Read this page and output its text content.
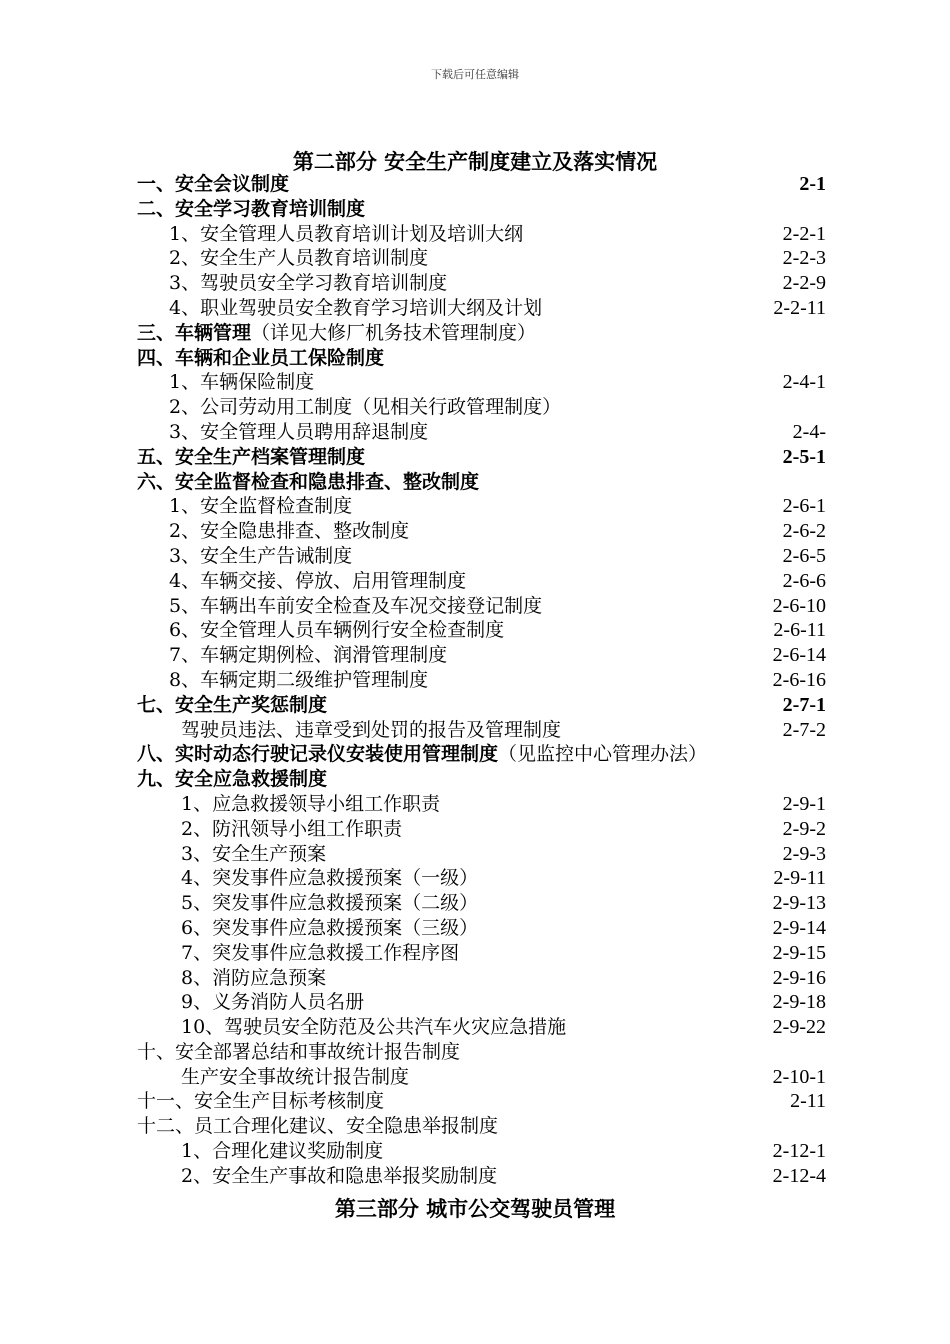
下载后可任意编辑
第二部分 安全生产制度建立及落实情况
一、安全会议制度	2-1
二、安全学习教育培训制度
1、安全管理人员教育培训计划及培训大纲	2-2-1
2、安全生产人员教育培训制度	2-2-3
3、驾驶员安全学习教育培训制度	2-2-9
4、职业驾驶员安全教育学习培训大纲及计划	2-2-11
三、车辆管理（详见大修厂机务技术管理制度）
四、车辆和企业员工保险制度
1、车辆保险制度	2-4-1
2、公司劳动用工制度（见相关行政管理制度）
3、安全管理人员聘用辞退制度	2-4-
五、安全生产档案管理制度	2-5-1
六、安全监督检查和隐患排查、整改制度
1、安全监督检查制度	2-6-1
2、安全隐患排查、整改制度	2-6-2
3、安全生产告诫制度	2-6-5
4、车辆交接、停放、启用管理制度	2-6-6
5、车辆出车前安全检查及车况交接登记制度	2-6-10
6、安全管理人员车辆例行安全检查制度	2-6-11
7、车辆定期例检、润滑管理制度	2-6-14
8、车辆定期二级维护管理制度	2-6-16
七、安全生产奖惩制度	2-7-1
驾驶员违法、违章受到处罚的报告及管理制度	2-7-2
八、实时动态行驶记录仪安装使用管理制度（见监控中心管理办法）
九、安全应急救援制度
1、应急救援领导小组工作职责	2-9-1
2、防汛领导小组工作职责	2-9-2
3、安全生产预案	2-9-3
4、突发事件应急救援预案（一级）	2-9-11
5、突发事件应急救援预案（二级）	2-9-13
6、突发事件应急救援预案（三级）	2-9-14
7、突发事件应急救援工作程序图	2-9-15
8、消防应急预案	2-9-16
9、义务消防人员名册	2-9-18
10、驾驶员安全防范及公共汽车火灾应急措施	2-9-22
十、安全部署总结和事故统计报告制度
生产安全事故统计报告制度	2-10-1
十一、安全生产目标考核制度	2-11
十二、员工合理化建议、安全隐患举报制度
1、合理化建议奖励制度	2-12-1
2、安全生产事故和隐患举报奖励制度	2-12-4
第三部分 城市公交驾驶员管理
